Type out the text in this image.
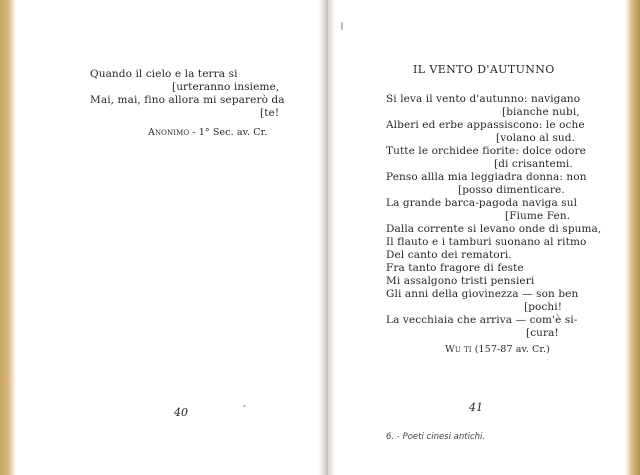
Quando il cielo e la terra si
[urteranno insieme,
Mai, mai, fino allora mi separerò da
[te!
Anonimo - 1° Sec. av. Cr.
40
IL VENTO D'AUTUNNO
Si leva il vento d'autunno: navigano
[bianche nubi,
Alberi ed erbe appassiscono: le oche
[volano al sud.
Tutte le orchidee fiorite: dolce odore
[di crisantemi.
Penso allla mia leggiadra donna: non
[posso dimenticare.
La grande barca-pagoda naviga sul
[Fiume Fen.
Dalla corrente si levano onde di spuma,
Il flauto e i tamburi suonano al ritmo
Del canto dei rematori.
Fra tanto fragore di feste
Mi assalgono tristi pensieri
Gli anni della giovinezza — son ben
[pochi!
La vecchiaia che arriva — com'è si-
[cura!
Wu ti (157-87 av. Cr.)
41
6. - Poeti cinesi antichi.
